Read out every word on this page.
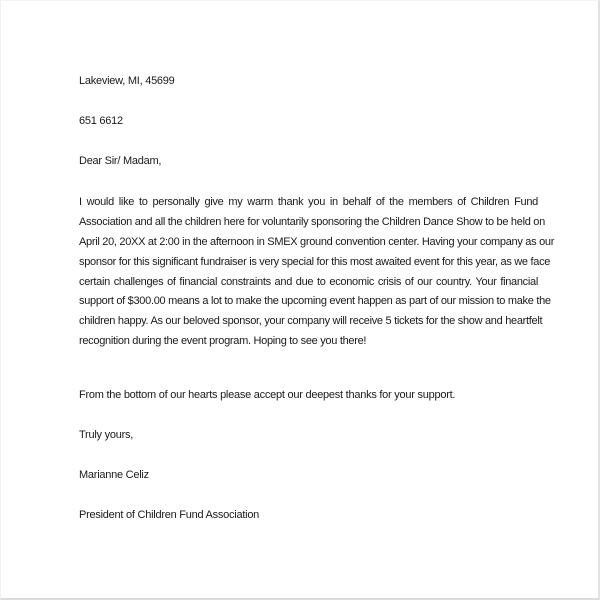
Lakeview, MI, 45699
651 6612
Dear Sir/ Madam,
I would like to personally give my warm thank you in behalf of the members of Children Fund
Association and all the children here for voluntarily sponsoring the Children Dance Show to be held on
April 20, 20XX at 2:00 in the afternoon in SMEX ground convention center. Having your company as our
sponsor for this significant fundraiser is very special for this most awaited event for this year, as we face
certain challenges of financial constraints and due to economic crisis of our country. Your financial
support of $300.00 means a lot to make the upcoming event happen as part of our mission to make the
children happy. As our beloved sponsor, your company will receive 5 tickets for the show and heartfelt
recognition during the event program. Hoping to see you there!
From the bottom of our hearts please accept our deepest thanks for your support.
Truly yours,
Marianne Celiz
President of Children Fund Association
